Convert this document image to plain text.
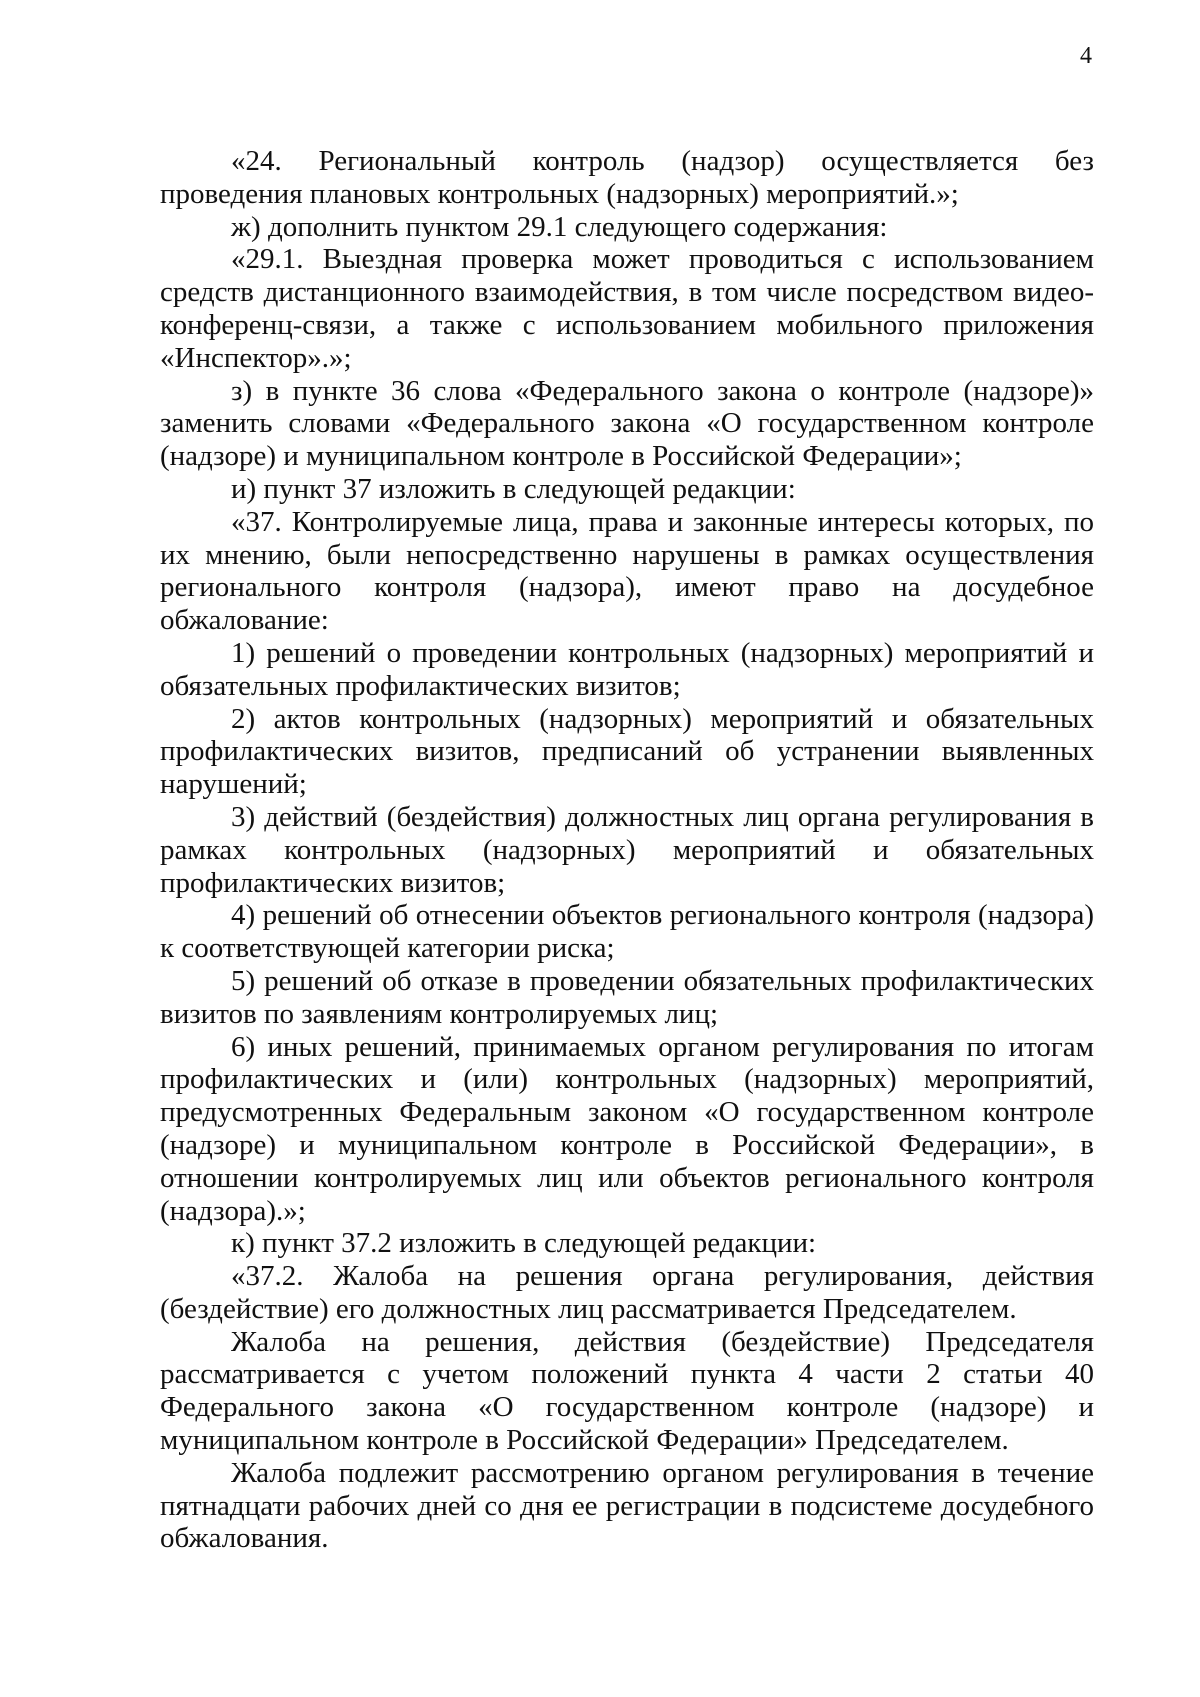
4

«24. Региональный контроль (надзор) осуществляется без проведения плановых контрольных (надзорных) мероприятий.»;

ж) дополнить пунктом 29.1 следующего содержания:

«29.1. Выездная проверка может проводиться с использованием средств дистанционного взаимодействия, в том числе посредством видео-конференц-связи, а также с использованием мобильного приложения «Инспектор».»;

з) в пункте 36 слова «Федерального закона о контроле (надзоре)» заменить словами «Федерального закона «О государственном контроле (надзоре) и муниципальном контроле в Российской Федерации»;

и) пункт 37 изложить в следующей редакции:

«37. Контролируемые лица, права и законные интересы которых, по их мнению, были непосредственно нарушены в рамках осуществления регионального контроля (надзора), имеют право на досудебное обжалование:

1) решений о проведении контрольных (надзорных) мероприятий и обязательных профилактических визитов;

2) актов контрольных (надзорных) мероприятий и обязательных профилактических визитов, предписаний об устранении выявленных нарушений;

3) действий (бездействия) должностных лиц органа регулирования в рамках контрольных (надзорных) мероприятий и обязательных профилактических визитов;

4) решений об отнесении объектов регионального контроля (надзора) к соответствующей категории риска;

5) решений об отказе в проведении обязательных профилактических визитов по заявлениям контролируемых лиц;

6) иных решений, принимаемых органом регулирования по итогам профилактических и (или) контрольных (надзорных) мероприятий, предусмотренных Федеральным законом «О государственном контроле (надзоре) и муниципальном контроле в Российской Федерации», в отношении контролируемых лиц или объектов регионального контроля (надзора).»;

к) пункт 37.2 изложить в следующей редакции:

«37.2. Жалоба на решения органа регулирования, действия (бездействие) его должностных лиц рассматривается Председателем.

Жалоба на решения, действия (бездействие) Председателя рассматривается с учетом положений пункта 4 части 2 статьи 40 Федерального закона «О государственном контроле (надзоре) и муниципальном контроле в Российской Федерации» Председателем.

Жалоба подлежит рассмотрению органом регулирования в течение пятнадцати рабочих дней со дня ее регистрации в подсистеме досудебного обжалования.
